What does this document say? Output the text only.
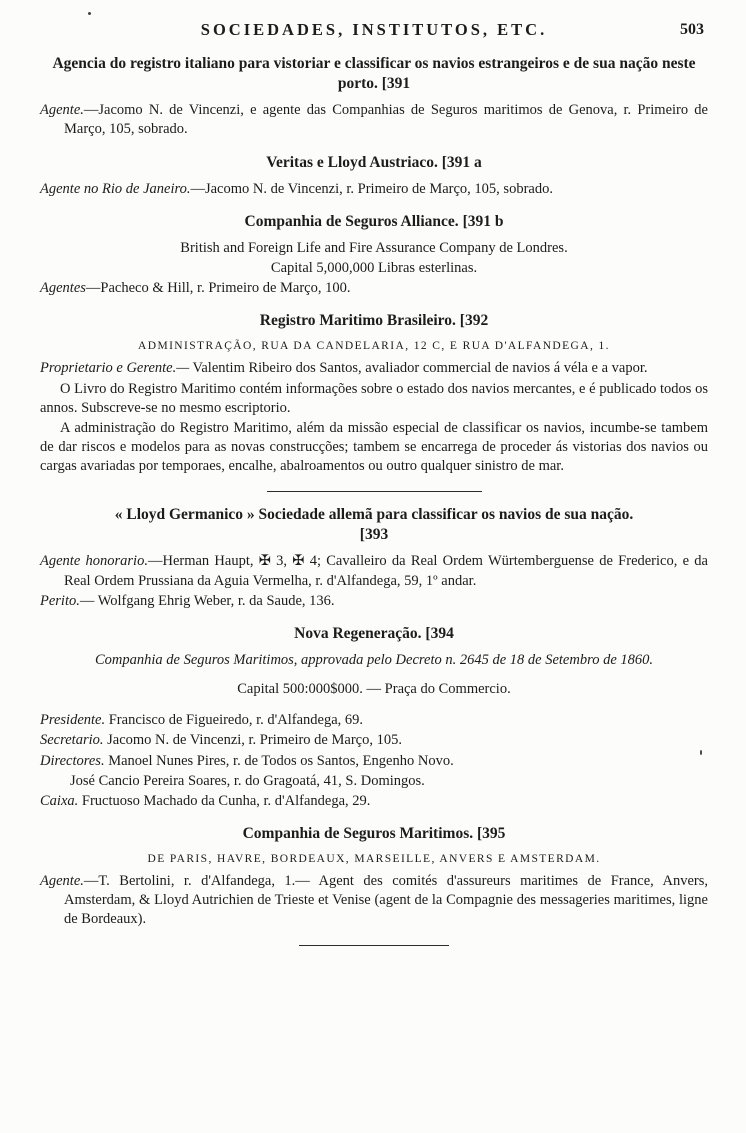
SOCIEDADES, INSTITUTOS, ETC.	503
Agencia do registro italiano para vistoriar e classificar os navios estrangeiros e de sua nação neste porto. [391

Agente.—Jacomo N. de Vincenzi, e agente das Companhias de Seguros maritimos de Genova, r. Primeiro de Março, 105, sobrado.

Veritas e Lloyd Austriaco. [391 a

Agente no Rio de Janeiro.—Jacomo N. de Vincenzi, r. Primeiro de Março, 105, sobrado.

Companhia de Seguros Alliance. [391 b

British and Foreign Life and Fire Assurance Company de Londres.

Capital 5,000,000 Libras esterlinas.

Agentes—Pacheco & Hill, r. Primeiro de Março, 100.

Registro Maritimo Brasileiro. [392
ADMINISTRAÇÃO, RUA DA CANDELARIA, 12 C, E RUA D'ALFANDEGA, 1.

Proprietario e Gerente.— Valentim Ribeiro dos Santos, avaliador commercial de navios á véla e a vapor.

O Livro do Registro Maritimo contém informações sobre o estado dos navios mercantes, e é publicado todos os annos. Subscreve-se no mesmo escriptorio.

A administração do Registro Maritimo, além da missão especial de classificar os navios, incumbe-se tambem de dar riscos e modelos para as novas construcções; tambem se encarrega de proceder ás vistorias dos navios ou cargas avariadas por temporaes, encalhe, abalroamentos ou outro qualquer sinistro de mar.

« Lloyd Germanico » Sociedade allemã para classificar os navios de sua nação. [393

Agente honorario.—Herman Haupt, ✠ 3, ✠ 4; Cavalleiro da Real Ordem Würtemberguense de Frederico, e da Real Ordem Prussiana da Aguia Vermelha, r. d'Alfandega, 59, 1º andar.

Perito.— Wolfgang Ehrig Weber, r. da Saude, 136.

Nova Regeneração. [394

Companhia de Seguros Maritimos, approvada pelo Decreto n. 2645 de 18 de Setembro de 1860.

Capital 500:000$000. — Praça do Commercio.

Presidente. Francisco de Figueiredo, r. d'Alfandega, 69.

Secretario. Jacomo N. de Vincenzi, r. Primeiro de Março, 105.

Directores. Manoel Nunes Pires, r. de Todos os Santos, Engenho Novo.

José Cancio Pereira Soares, r. do Gragoatá, 41, S. Domingos.

Caixa. Fructuoso Machado da Cunha, r. d'Alfandega, 29.

Companhia de Seguros Maritimos. [395
DE PARIS, HAVRE, BORDEAUX, MARSEILLE, ANVERS E AMSTERDAM.

Agente.—T. Bertolini, r. d'Alfandega, 1.— Agent des comités d'assureurs maritimes de France, Anvers, Amsterdam, & Lloyd Autrichien de Trieste et Venise (agent de la Compagnie des messageries maritimes, ligne de Bordeaux).
